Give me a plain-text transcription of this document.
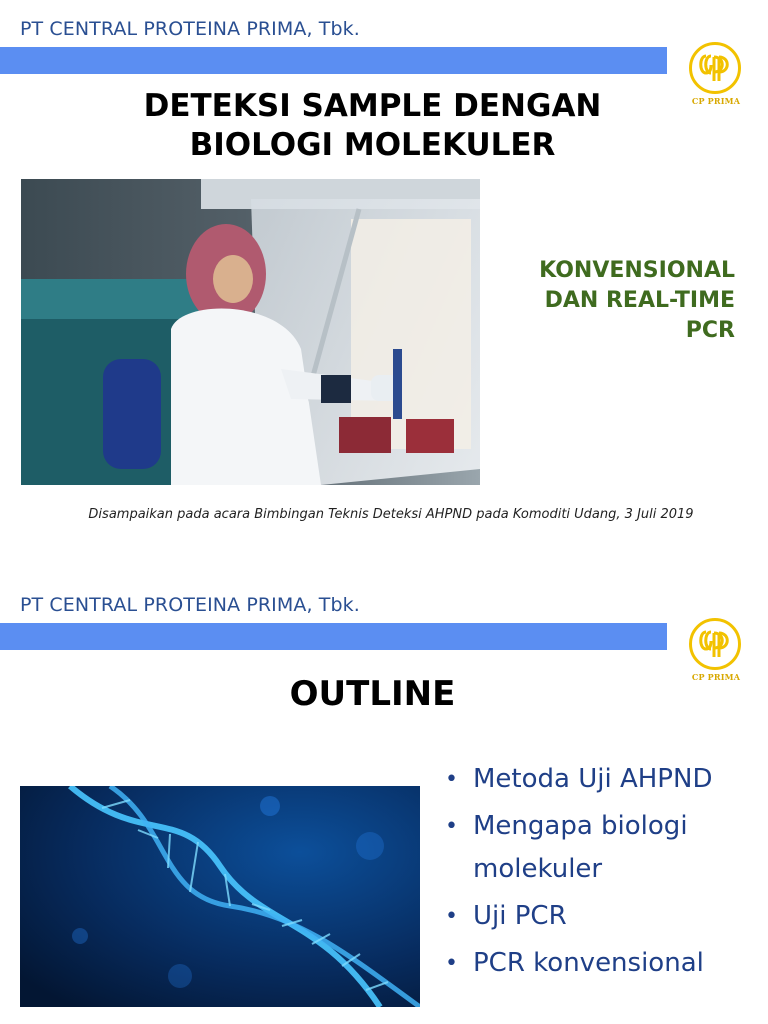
PT CENTRAL PROTEINA PRIMA, Tbk.
CP PRIMA
DETEKSI SAMPLE DENGAN
BIOLOGI MOLEKULER
KONVENSIONAL
DAN REAL-TIME
PCR
Disampaikan pada acara Bimbingan Teknis Deteksi AHPND pada Komoditi Udang, 3 Juli 2019
PT CENTRAL PROTEINA PRIMA, Tbk.
CP PRIMA
OUTLINE
• Metoda Uji AHPND
• Mengapa biologi molekuler
• Uji PCR
• PCR konvensional
